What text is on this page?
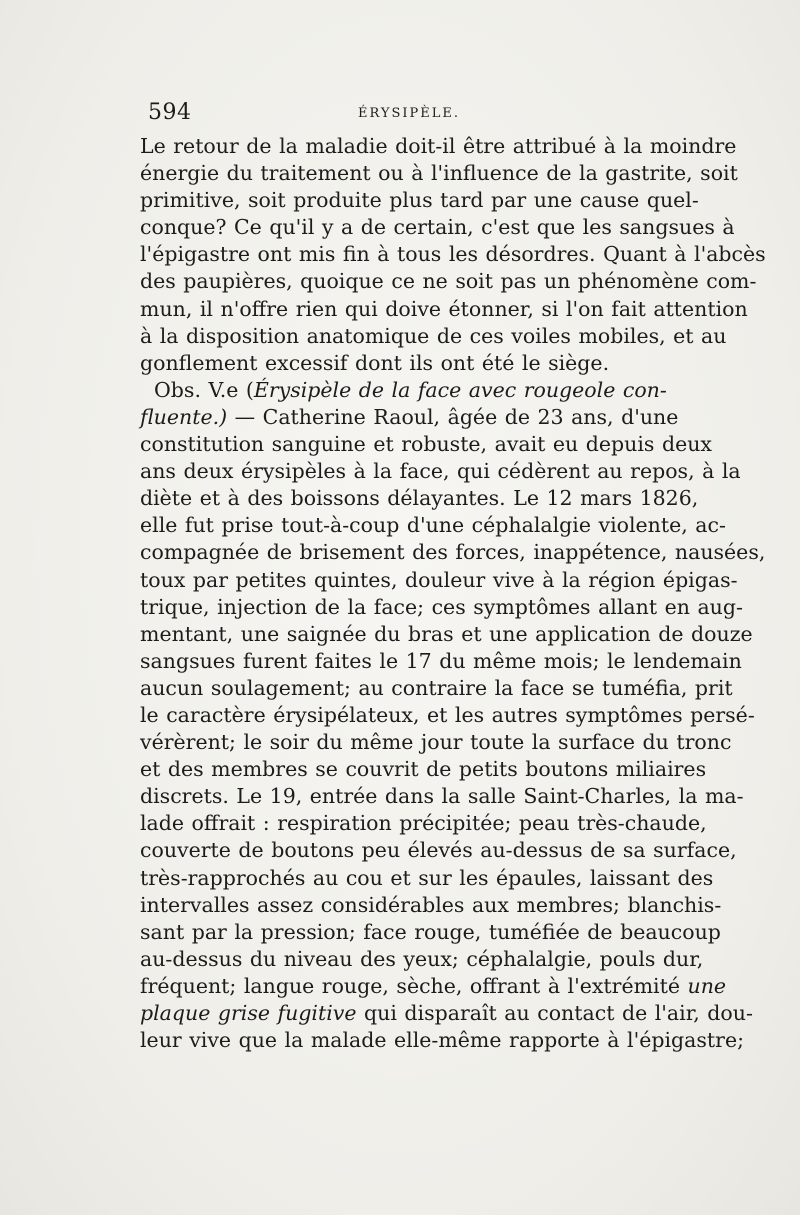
594	ÉRYSIPÈLE.
Le retour de la maladie doit-il être attribué à la moindre
énergie du traitement ou à l'influence de la gastrite, soit
primitive, soit produite plus tard par une cause quel-
conque? Ce qu'il y a de certain, c'est que les sangsues à
l'épigastre ont mis fin à tous les désordres. Quant à l'abcès
des paupières, quoique ce ne soit pas un phénomène com-
mun, il n'offre rien qui doive étonner, si l'on fait attention
à la disposition anatomique de ces voiles mobiles, et au
gonflement excessif dont ils ont été le siège.
Obs. V.e (Érysipèle de la face avec rougeole con-
fluente.) — Catherine Raoul, âgée de 23 ans, d'une
constitution sanguine et robuste, avait eu depuis deux
ans deux érysipèles à la face, qui cédèrent au repos, à la
diète et à des boissons délayantes. Le 12 mars 1826,
elle fut prise tout-à-coup d'une céphalalgie violente, ac-
compagnée de brisement des forces, inappétence, nausées,
toux par petites quintes, douleur vive à la région épigas-
trique, injection de la face; ces symptômes allant en aug-
mentant, une saignée du bras et une application de douze
sangsues furent faites le 17 du même mois; le lendemain
aucun soulagement; au contraire la face se tuméfia, prit
le caractère érysipélateux, et les autres symptômes persé-
vérèrent; le soir du même jour toute la surface du tronc
et des membres se couvrit de petits boutons miliaires
discrets. Le 19, entrée dans la salle Saint-Charles, la ma-
lade offrait : respiration précipitée; peau très-chaude,
couverte de boutons peu élevés au-dessus de sa surface,
très-rapprochés au cou et sur les épaules, laissant des
intervalles assez considérables aux membres; blanchis-
sant par la pression; face rouge, tuméfiée de beaucoup
au-dessus du niveau des yeux; céphalalgie, pouls dur,
fréquent; langue rouge, sèche, offrant à l'extrémité une
plaque grise fugitive qui disparaît au contact de l'air, dou-
leur vive que la malade elle-même rapporte à l'épigastre;
